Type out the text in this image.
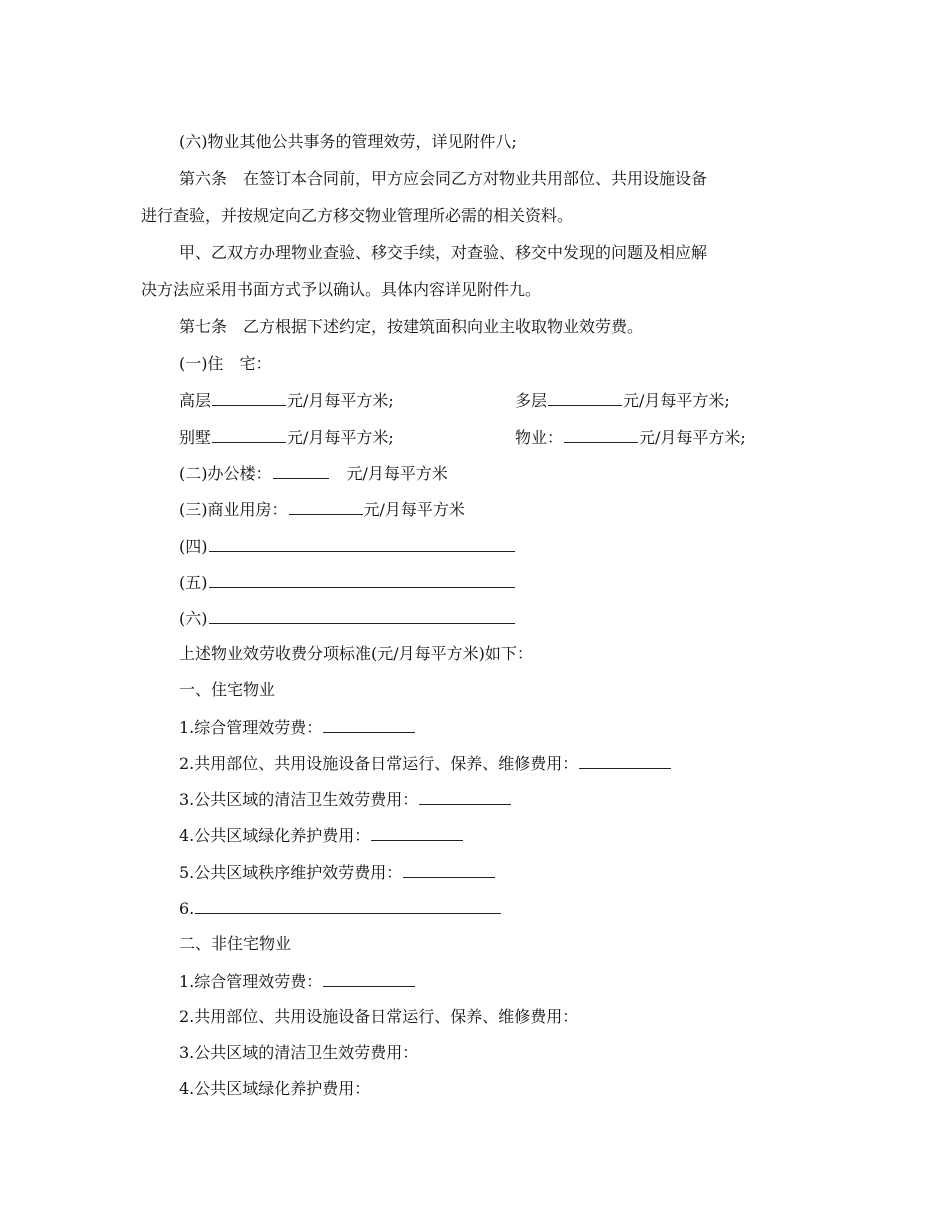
(六)物业其他公共事务的管理效劳，详见附件八;
第六条　在签订本合同前，甲方应会同乙方对物业共用部位、共用设施设备
进行查验，并按规定向乙方移交物业管理所必需的相关资料。
甲、乙双方办理物业查验、移交手续，对查验、移交中发现的问题及相应解
决方法应采用书面方式予以确认。具体内容详见附件九。
第七条　乙方根据下述约定，按建筑面积向业主收取物业效劳费。
(一)住　宅：
高层	元/月每平方米;	多层	元/月每平方米;
别墅	元/月每平方米;	物业：	元/月每平方米;
(二)办公楼：	元/月每平方米
(三)商业用房：	元/月每平方米
(四)
(五)
(六)
上述物业效劳收费分项标准(元/月每平方米)如下：
一、住宅物业
1.综合管理效劳费：
2.共用部位、共用设施设备日常运行、保养、维修费用：
3.公共区域的清洁卫生效劳费用：
4.公共区域绿化养护费用：
5.公共区域秩序维护效劳费用：
6.
二、非住宅物业
1.综合管理效劳费：
2.共用部位、共用设施设备日常运行、保养、维修费用：
3.公共区域的清洁卫生效劳费用：
4.公共区域绿化养护费用：
